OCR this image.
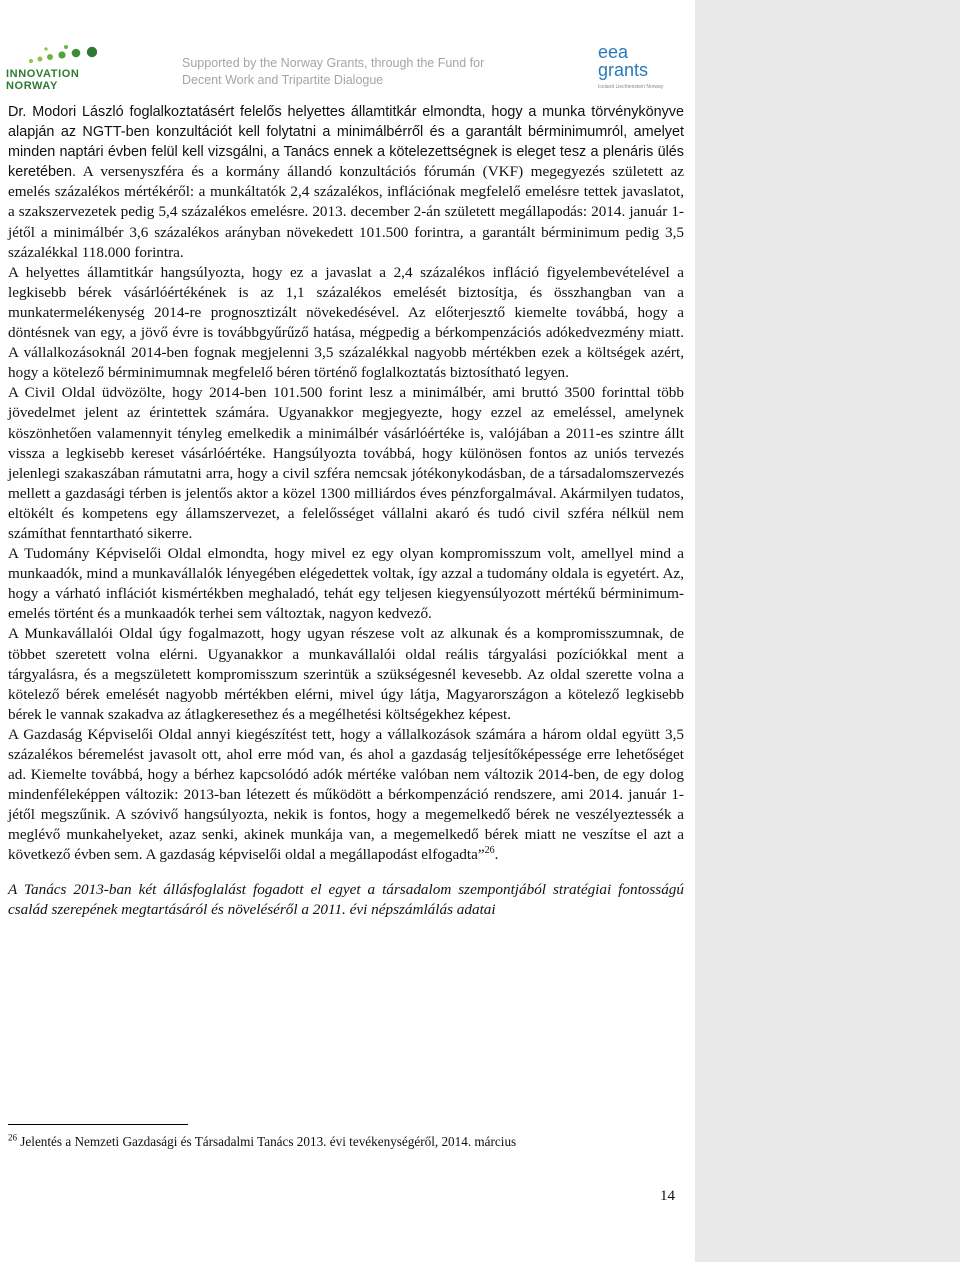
INNOVATION
NORWAY
Supported by the Norway Grants, through the Fund for
Decent Work and Tripartite Dialogue
eea
grants
Iceland Liechtenstein Norway

Dr. Modori László foglalkoztatásért felelős helyettes államtitkár elmondta, hogy a munka törvénykönyve alapján az NGTT-ben konzultációt kell folytatni a minimálbérről és a garantált bérminimumról, amelyet minden naptári évben felül kell vizsgálni, a Tanács ennek a kötelezettségnek is eleget tesz a plenáris ülés keretében. A versenyszféra és a kormány állandó konzultációs fórumán (VKF) megegyezés született az emelés százalékos mértékéről: a munkáltatók 2,4 százalékos, inflációnak megfelelő emelésre tettek javaslatot, a szakszervezetek pedig 5,4 százalékos emelésre. 2013. december 2-án született megállapodás: 2014. január 1-jétől a minimálbér 3,6 százalékos arányban növekedett 101.500 forintra, a garantált bérminimum pedig 3,5 százalékkal 118.000 forintra.

A helyettes államtitkár hangsúlyozta, hogy ez a javaslat a 2,4 százalékos infláció figyelembevételével a legkisebb bérek vásárlóértékének is az 1,1 százalékos emelését biztosítja, és összhangban van a munkatermelékenység 2014-re prognosztizált növekedésével. Az előterjesztő kiemelte továbbá, hogy a döntésnek van egy, a jövő évre is továbbgyűrűző hatása, mégpedig a bérkompenzációs adókedvezmény miatt. A vállalkozásoknál 2014-ben fognak megjelenni 3,5 százalékkal nagyobb mértékben ezek a költségek azért, hogy a kötelező bérminimumnak megfelelő béren történő foglalkoztatás biztosítható legyen.

A Civil Oldal üdvözölte, hogy 2014-ben 101.500 forint lesz a minimálbér, ami bruttó 3500 forinttal több jövedelmet jelent az érintettek számára. Ugyanakkor megjegyezte, hogy ezzel az emeléssel, amelynek köszönhetően valamennyit tényleg emelkedik a minimálbér vásárlóértéke is, valójában a 2011-es szintre állt vissza a legkisebb kereset vásárlóértéke. Hangsúlyozta továbbá, hogy különösen fontos az uniós tervezés jelenlegi szakaszában rámutatni arra, hogy a civil szféra nemcsak jótékonykodásban, de a társadalomszervezés mellett a gazdasági térben is jelentős aktor a közel 1300 milliárdos éves pénzforgalmával. Akármilyen tudatos, eltökélt és kompetens egy államszervezet, a felelősséget vállalni akaró és tudó civil szféra nélkül nem számíthat fenntartható sikerre.

A Tudomány Képviselői Oldal elmondta, hogy mivel ez egy olyan kompromisszum volt, amellyel mind a munkaadók, mind a munkavállalók lényegében elégedettek voltak, így azzal a tudomány oldala is egyetért. Az, hogy a várható inflációt kismértékben meghaladó, tehát egy teljesen kiegyensúlyozott mértékű bérminimum-emelés történt és a munkaadók terhei sem változtak, nagyon kedvező.

A Munkavállalói Oldal úgy fogalmazott, hogy ugyan részese volt az alkunak és a kompromisszumnak, de többet szeretett volna elérni. Ugyanakkor a munkavállalói oldal reális tárgyalási pozíciókkal ment a tárgyalásra, és a megszületett kompromisszum szerintük a szükségesnél kevesebb. Az oldal szerette volna a kötelező bérek emelését nagyobb mértékben elérni, mivel úgy látja, Magyarországon a kötelező legkisebb bérek le vannak szakadva az átlagkeresethez és a megélhetési költségekhez képest.

A Gazdaság Képviselői Oldal annyi kiegészítést tett, hogy a vállalkozások számára a három oldal együtt 3,5 százalékos béremelést javasolt ott, ahol erre mód van, és ahol a gazdaság teljesítőképessége erre lehetőséget ad. Kiemelte továbbá, hogy a bérhez kapcsolódó adók mértéke valóban nem változik 2014-ben, de egy dolog mindenféleképpen változik: 2013-ban létezett és működött a bérkompenzáció rendszere, ami 2014. január 1-jétől megszűnik. A szóvivő hangsúlyozta, nekik is fontos, hogy a megemelkedő bérek ne veszélyeztessék a meglévő munkahelyeket, azaz senki, akinek munkája van, a megemelkedő bérek miatt ne veszítse el azt a következő évben sem. A gazdaság képviselői oldal a megállapodást elfogadta”$^{26}$.

A Tanács 2013-ban két állásfoglalást fogadott el egyet a társadalom szempontjából stratégiai fontosságú család szerepének megtartásáról és növeléséről a 2011. évi népszámlálás adatai

$^{26}$ Jelentés a Nemzeti Gazdasági és Társadalmi Tanács 2013. évi tevékenységéről, 2014. március
14
